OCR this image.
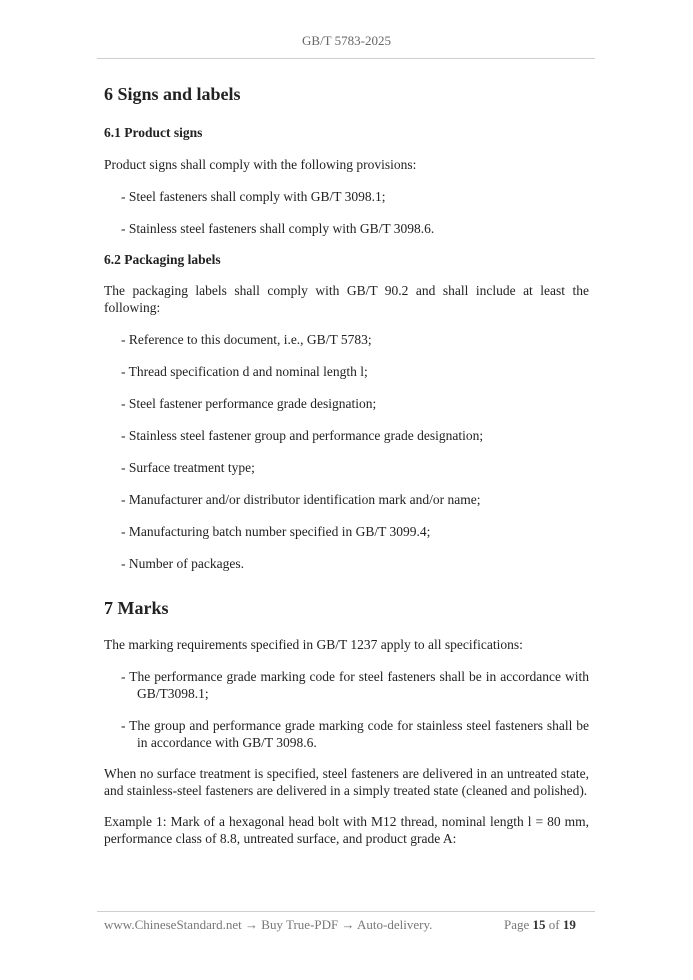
GB/T 5783-2025
6 Signs and labels
6.1 Product signs

Product signs shall comply with the following provisions:

- Steel fasteners shall comply with GB/T 3098.1;
- Stainless steel fasteners shall comply with GB/T 3098.6.
6.2 Packaging labels

The packaging labels shall comply with GB/T 90.2 and shall include at least the following:

- Reference to this document, i.e., GB/T 5783;
- Thread specification d and nominal length l;
- Steel fastener performance grade designation;
- Stainless steel fastener group and performance grade designation;
- Surface treatment type;
- Manufacturer and/or distributor identification mark and/or name;
- Manufacturing batch number specified in GB/T 3099.4;
- Number of packages.
7 Marks

The marking requirements specified in GB/T 1237 apply to all specifications:

- The performance grade marking code for steel fasteners shall be in accordance with GB/T3098.1;
- The group and performance grade marking code for stainless steel fasteners shall be in accordance with GB/T 3098.6.

When no surface treatment is specified, steel fasteners are delivered in an untreated state, and stainless-steel fasteners are delivered in a simply treated state (cleaned and polished).

Example 1: Mark of a hexagonal head bolt with M12 thread, nominal length l = 80 mm, performance class of 8.8, untreated surface, and product grade A:

www.ChineseStandard.net → Buy True-PDF → Auto-delivery.	Page 15 of 19
